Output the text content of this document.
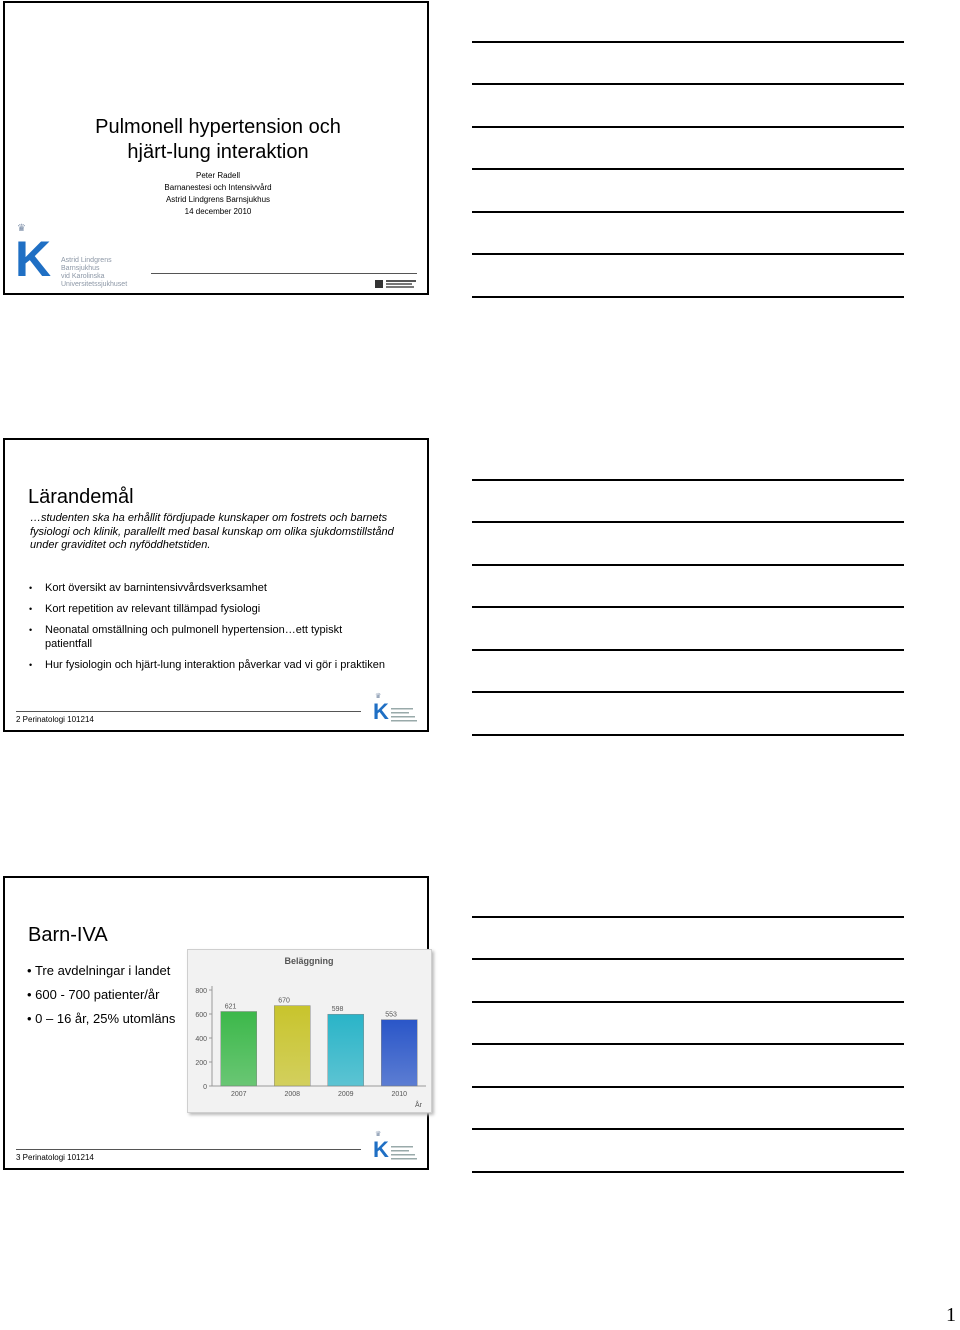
Pulmonell hypertension och
hjärt-lung interaktion
Peter Radell
Barnanestesi och Intensivvård
Astrid Lindgrens Barnsjukhus
14 december 2010
♛
K Astrid Lindgrens
Barnsjukhus
vid Karolinska
Universitetssjukhuset
Lärandemål
…studenten ska ha erhållit fördjupade kunskaper om fostrets och barnets fysiologi och klinik, parallellt med basal kunskap om olika sjukdomstillstånd under graviditet och nyföddhetstiden.
• Kort översikt av barnintensivvårdsverksamhet
• Kort repetition av relevant tillämpad fysiologi
• Neonatal omställning och pulmonell hypertension…ett typiskt patientfall
• Hur fysiologin och hjärt-lung interaktion påverkar vad vi gör i praktiken
2 Perinatologi 101214	K
♛
Barn-IVA
• Tre avdelningar i landet
• 600 - 700 patienter/år
• 0 – 16 år, 25% utomläns
Beläggning
0
200
400
600
800
621
2007
670
2008
598
2009
553
2010
År
3 Perinatologi 101214	K
♛
1
